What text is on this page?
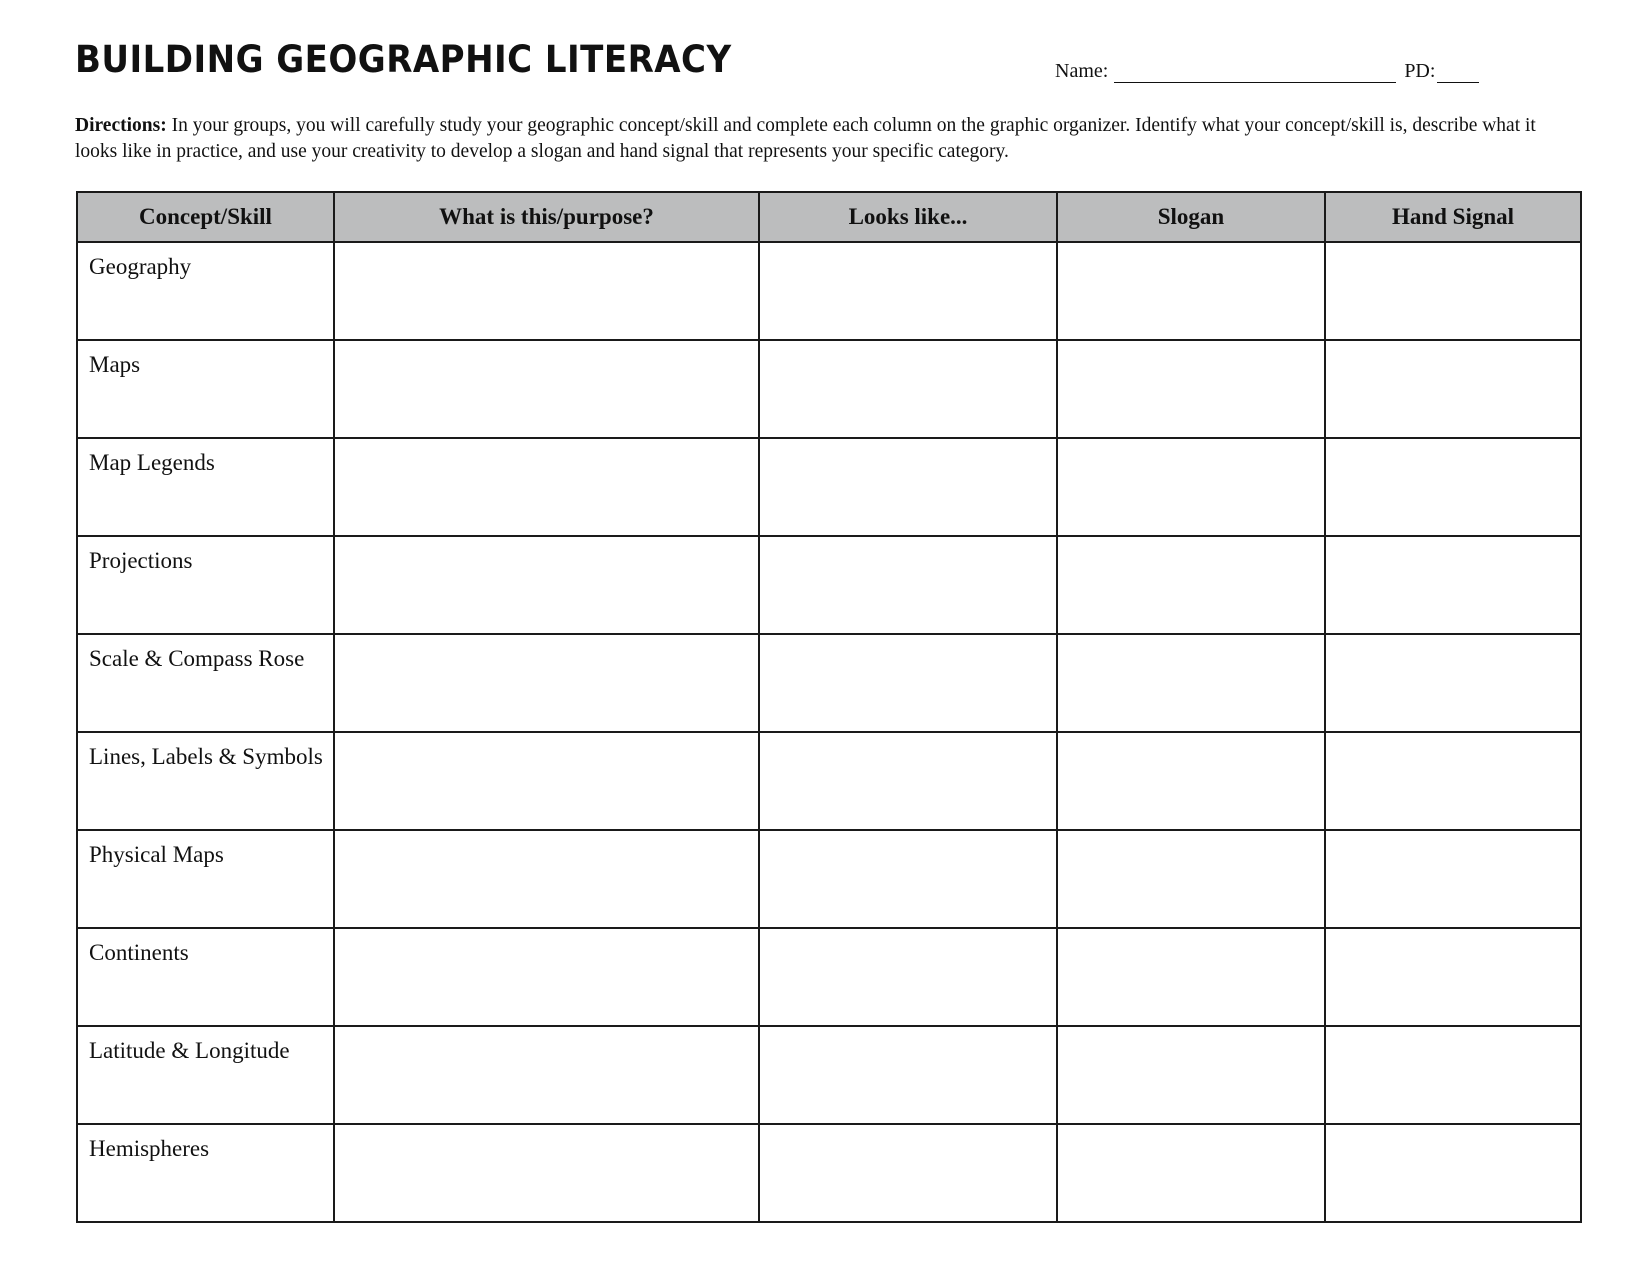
BUILDING GEOGRAPHIC LITERACY	Name:	PD:
Directions: In your groups, you will carefully study your geographic concept/skill and complete each column on the graphic organizer. Identify what your concept/skill is, describe what it looks like in practice, and use your creativity to develop a slogan and hand signal that represents your specific category.
Concept/Skill	What is this/purpose?	Looks like...	Slogan	Hand Signal
Geography				
Maps				
Map Legends				
Projections				
Scale & Compass Rose				
Lines, Labels & Symbols				
Physical Maps				
Continents				
Latitude & Longitude				
Hemispheres				
